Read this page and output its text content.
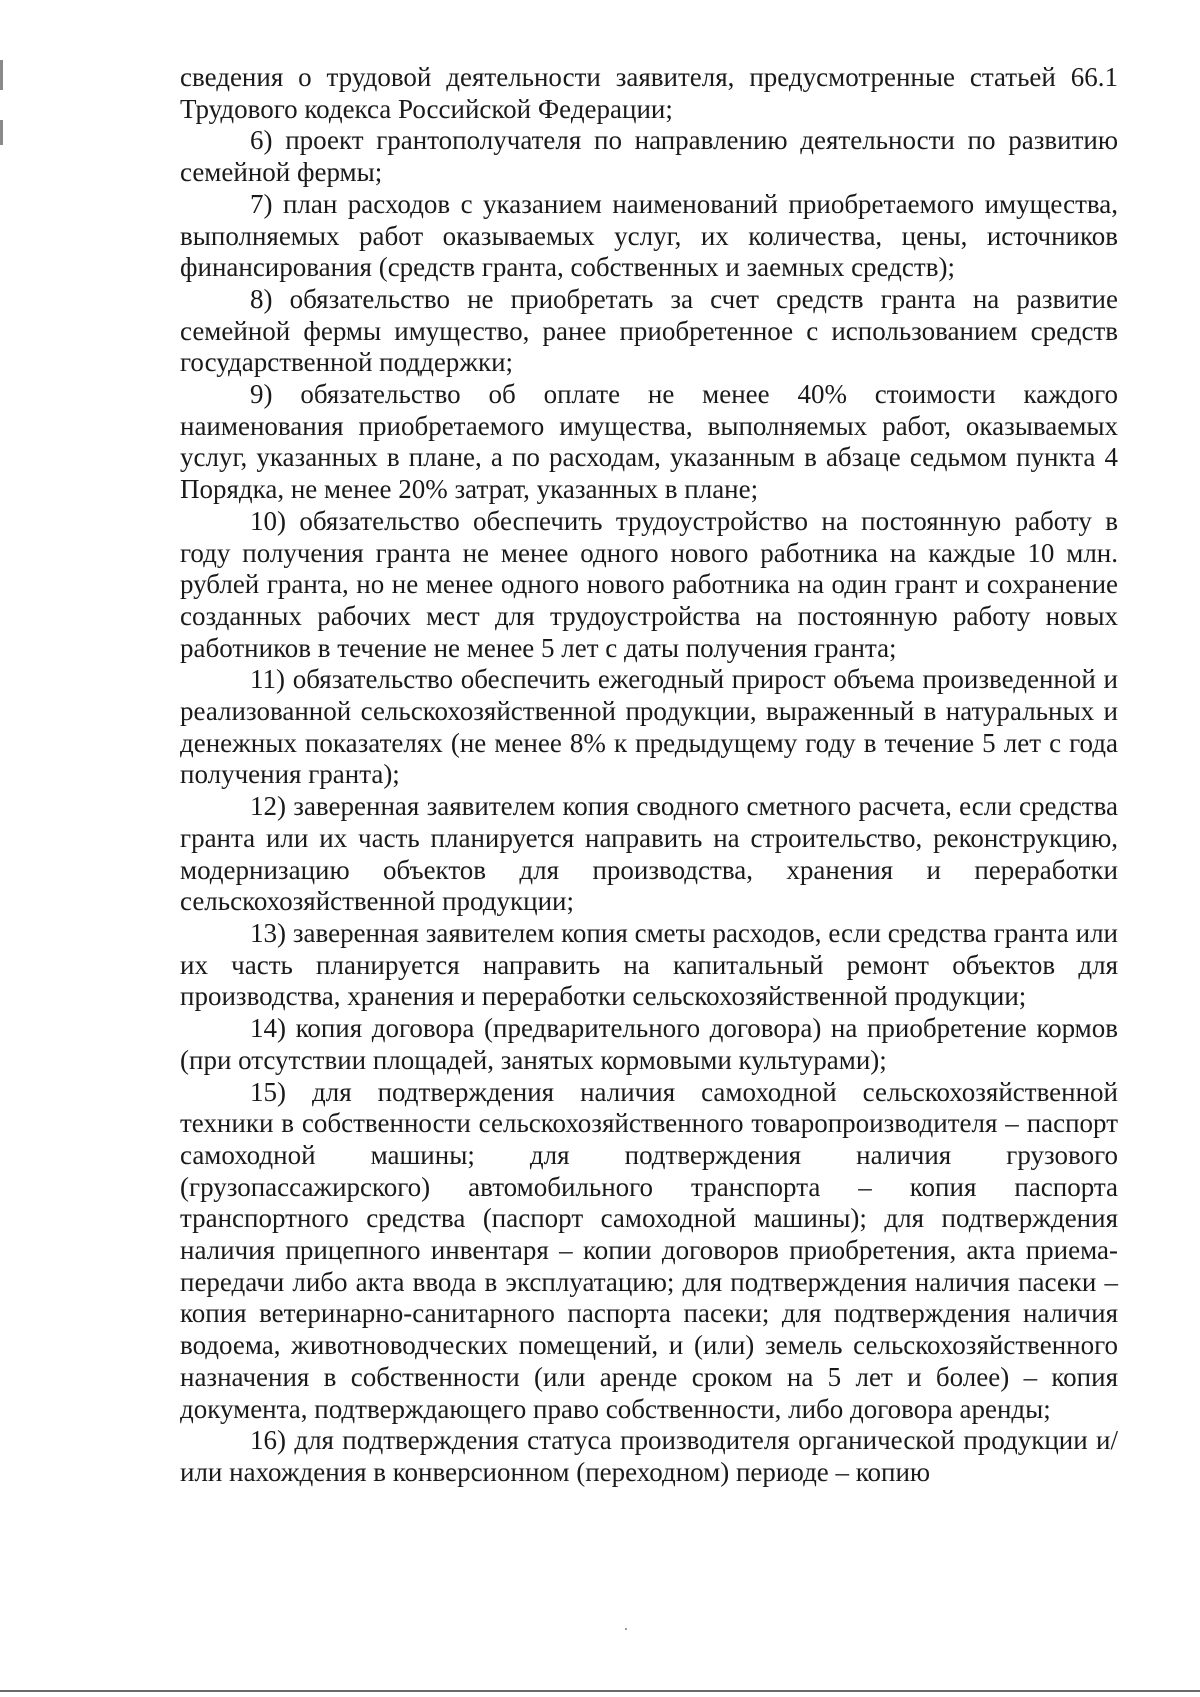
сведения о трудовой деятельности заявителя, предусмотренные статьей 66.1 Трудового кодекса Российской Федерации;

6) проект грантополучателя по направлению деятельности по развитию семейной фермы;

7) план расходов с указанием наименований приобретаемого имущества, выполняемых работ оказываемых услуг, их количества, цены, источников финансирования (средств гранта, собственных и заемных средств);

8) обязательство не приобретать за счет средств гранта на развитие семейной фермы имущество, ранее приобретенное с использованием средств государственной поддержки;

9) обязательство об оплате не менее 40% стоимости каждого наименования приобретаемого имущества, выполняемых работ, оказываемых услуг, указанных в плане, а по расходам, указанным в абзаце седьмом пункта 4 Порядка, не менее 20% затрат, указанных в плане;

10) обязательство обеспечить трудоустройство на постоянную работу в году получения гранта не менее одного нового работника на каждые 10 млн. рублей гранта, но не менее одного нового работника на один грант и сохранение созданных рабочих мест для трудоустройства на постоянную работу новых работников в течение не менее 5 лет с даты получения гранта;

11) обязательство обеспечить ежегодный прирост объема произведенной и реализованной сельскохозяйственной продукции, выраженный в натуральных и денежных показателях (не менее 8% к предыдущему году в течение 5 лет с года получения гранта);

12) заверенная заявителем копия сводного сметного расчета, если средства гранта или их часть планируется направить на строительство, реконструкцию, модернизацию объектов для производства, хранения и переработки сельскохозяйственной продукции;

13) заверенная заявителем копия сметы расходов, если средства гранта или их часть планируется направить на капитальный ремонт объектов для производства, хранения и переработки сельскохозяйственной продукции;

14) копия договора (предварительного договора) на приобретение кормов (при отсутствии площадей, занятых кормовыми культурами);

15) для подтверждения наличия самоходной сельскохозяйственной техники в собственности сельскохозяйственного товаропроизводителя – паспорт самоходной машины; для подтверждения наличия грузового (грузопассажирского) автомобильного транспорта – копия паспорта транспортного средства (паспорт самоходной машины); для подтверждения наличия прицепного инвентаря – копии договоров приобретения, акта приема-передачи либо акта ввода в эксплуатацию; для подтверждения наличия пасеки – копия ветеринарно-санитарного паспорта пасеки; для подтверждения наличия водоема, животноводческих помещений, и (или) земель сельскохозяйственного назначения в собственности (или аренде сроком на 5 лет и более) – копия документа, подтверждающего право собственности, либо договора аренды;

16) для подтверждения статуса производителя органической продукции и/или нахождения в конверсионном (переходном) периоде – копию
